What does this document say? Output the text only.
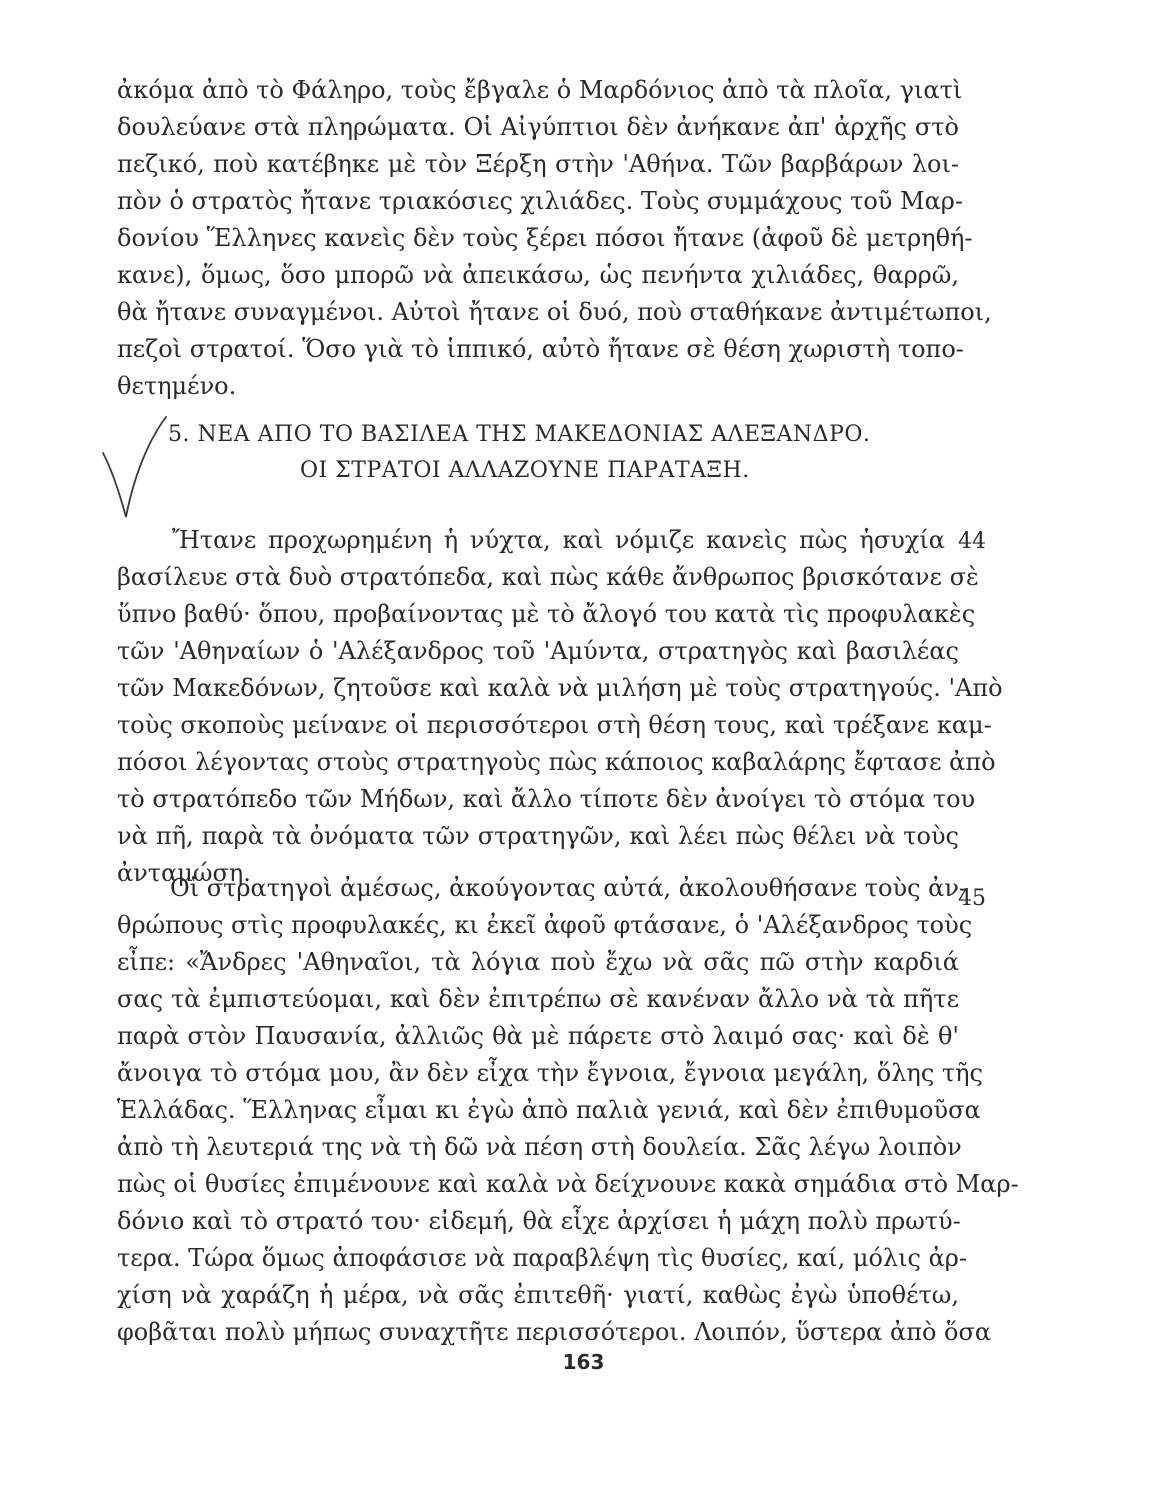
ἀκόμα ἀπὸ τὸ Φάληρο, τοὺς ἔβγαλε ὁ Μαρδόνιος ἀπὸ τὰ πλοῖα, γιατὶ
δουλεύανε στὰ πληρώματα. Οἱ Αἰγύπτιοι δὲν ἀνήκανε ἀπ' ἀρχῆς στὸ
πεζικό, ποὺ κατέβηκε μὲ τὸν Ξέρξη στὴν 'Αθήνα. Τῶν βαρβάρων λοι-
πὸν ὁ στρατὸς ἤτανε τριακόσιες χιλιάδες. Τοὺς συμμάχους τοῦ Μαρ-
δονίου Ἕλληνες κανεὶς δὲν τοὺς ξέρει πόσοι ἤτανε (ἀφοῦ δὲ μετρηθή-
κανε), ὅμως, ὅσο μπορῶ νὰ ἀπεικάσω, ὡς πενήντα χιλιάδες, θαρρῶ,
θὰ ἤτανε συναγμένοι. Αὐτοὶ ἤτανε οἱ δυό, ποὺ σταθήκανε ἀντιμέτωποι,
πεζοὶ στρατοί. Ὅσο γιὰ τὸ ἱππικό, αὐτὸ ἤτανε σὲ θέση χωριστὴ τοπο-
θετημένο.
5. ΝΕΑ ΑΠΟ ΤΟ ΒΑΣΙΛΕΑ ΤΗΣ ΜΑΚΕΔΟΝΙΑΣ ΑΛΕΞΑΝΔΡΟ.
ΟΙ ΣΤΡΑΤΟΙ ΑΛΛΑΖΟΥΝΕ ΠΑΡΑΤΑΞΗ.
44
Ἤτανε προχωρημένη ἡ νύχτα, καὶ νόμιζε κανεὶς πὼς ἡσυχία
βασίλευε στὰ δυὸ στρατόπεδα, καὶ πὼς κάθε ἄνθρωπος βρισκότανε σὲ
ὕπνο βαθύ· ὅπου, προβαίνοντας μὲ τὸ ἄλογό του κατὰ τὶς προφυλακὲς
τῶν 'Αθηναίων ὁ 'Αλέξανδρος τοῦ 'Αμύντα, στρατηγὸς καὶ βασιλέας
τῶν Μακεδόνων, ζητοῦσε καὶ καλὰ νὰ μιλήση μὲ τοὺς στρατηγούς. 'Απὸ
τοὺς σκοποὺς μείνανε οἱ περισσότεροι στὴ θέση τους, καὶ τρέξανε καμ-
πόσοι λέγοντας στοὺς στρατηγοὺς πὼς κάποιος καβαλάρης ἔφτασε ἀπὸ
τὸ στρατόπεδο τῶν Μήδων, καὶ ἄλλο τίποτε δὲν ἀνοίγει τὸ στόμα του
νὰ πῆ, παρὰ τὰ ὀνόματα τῶν στρατηγῶν, καὶ λέει πὼς θέλει νὰ τοὺς
ἀνταμώση.
45
Οἱ στρατηγοὶ ἀμέσως, ἀκούγοντας αὐτά, ἀκολουθήσανε τοὺς ἀν-
θρώπους στὶς προφυλακές, κι ἐκεῖ ἀφοῦ φτάσανε, ὁ 'Αλέξανδρος τοὺς
εἶπε: «Ἄνδρες 'Αθηναῖοι, τὰ λόγια ποὺ ἔχω νὰ σᾶς πῶ στὴν καρδιά
σας τὰ ἐμπιστεύομαι, καὶ δὲν ἐπιτρέπω σὲ κανέναν ἄλλο νὰ τὰ πῆτε
παρὰ στὸν Παυσανία, ἀλλιῶς θὰ μὲ πάρετε στὸ λαιμό σας· καὶ δὲ θ'
ἄνοιγα τὸ στόμα μου, ἂν δὲν εἶχα τὴν ἔγνοια, ἔγνοια μεγάλη, ὅλης τῆς
Ἑλλάδας. Ἕλληνας εἶμαι κι ἐγὼ ἀπὸ παλιὰ γενιά, καὶ δὲν ἐπιθυμοῦσα
ἀπὸ τὴ λευτεριά της νὰ τὴ δῶ νὰ πέση στὴ δουλεία. Σᾶς λέγω λοιπὸν
πὼς οἱ θυσίες ἐπιμένουνε καὶ καλὰ νὰ δείχνουνε κακὰ σημάδια στὸ Μαρ-
δόνιο καὶ τὸ στρατό του· εἰδεμή, θὰ εἶχε ἀρχίσει ἡ μάχη πολὺ πρωτύ-
τερα. Τώρα ὅμως ἀποφάσισε νὰ παραβλέψη τὶς θυσίες, καί, μόλις ἀρ-
χίση νὰ χαράζη ἡ μέρα, νὰ σᾶς ἐπιτεθῆ· γιατί, καθὼς ἐγὼ ὑποθέτω,
φοβᾶται πολὺ μήπως συναχτῆτε περισσότεροι. Λοιπόν, ὕστερα ἀπὸ ὅσα
163
